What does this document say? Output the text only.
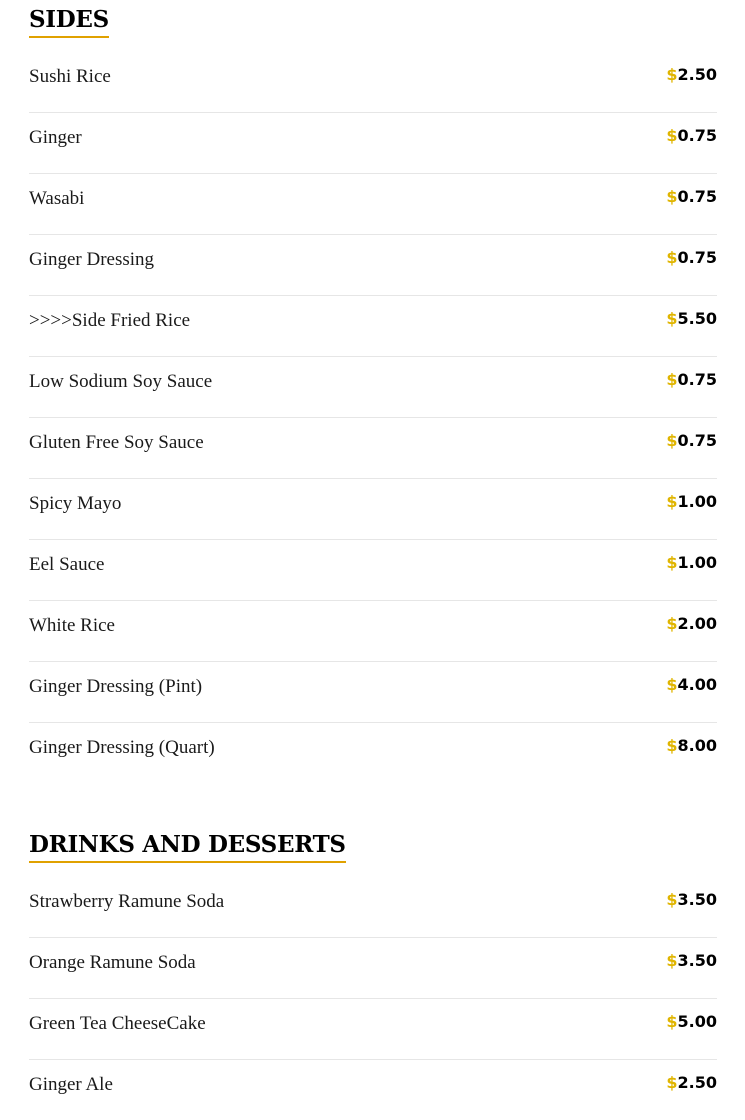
SIDES
Sushi Rice	$2.50
Ginger	$0.75
Wasabi	$0.75
Ginger Dressing	$0.75
>>>>Side Fried Rice	$5.50
Low Sodium Soy Sauce	$0.75
Gluten Free Soy Sauce	$0.75
Spicy Mayo	$1.00
Eel Sauce	$1.00
White Rice	$2.00
Ginger Dressing (Pint)	$4.00
Ginger Dressing (Quart)	$8.00
DRINKS AND DESSERTS
Strawberry Ramune Soda	$3.50
Orange Ramune Soda	$3.50
Green Tea CheeseCake	$5.00
Ginger Ale	$2.50
